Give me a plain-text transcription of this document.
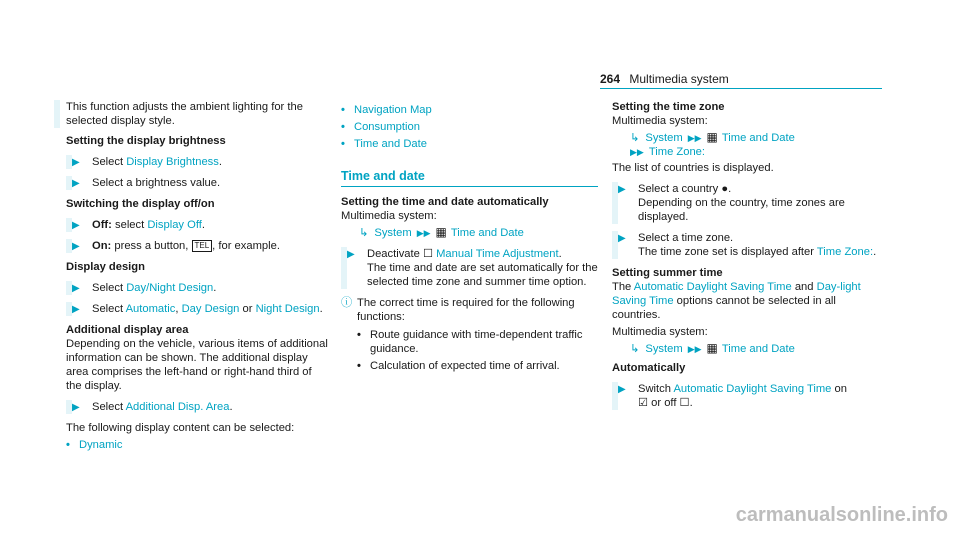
264 Multimedia system

This function adjusts the ambient lighting for the selected display style.

Setting the display brightness

▶ Select Display Brightness.
▶ Select a brightness value.

Switching the display off/on

▶ Off: select Display Off.
▶ On: press a button, TEL , for example.

Display design

▶ Select Day/Night Design.
▶ Select Automatic, Day Design or Night Design.

Additional display area

Depending on the vehicle, various items of additional information can be shown. The additional display area comprises the left-hand or right-hand third of the display.

▶ Select Additional Disp. Area.

The following display content can be selected:

• Dynamic
• Navigation Map
• Consumption
• Time and Date
Time and date

Setting the time and date automatically

Multimedia system:

↳ System ▶▶ ▦ Time and Date
▶ Deactivate ☐ Manual Time Adjustment.
The time and date are set automatically for the selected time zone and summer time option.
ⓘ The correct time is required for the following functions:
• Route guidance with time-dependent traffic guidance.
• Calculation of expected time of arrival.

Setting the time zone

Multimedia system:

↳ System ▶▶ ▦ Time and Date
▶▶ Time Zone:

The list of countries is displayed.

▶ Select a country ●.
Depending on the country, time zones are displayed.
▶ Select a time zone.
The time zone set is displayed after Time Zone:.

Setting summer time

The Automatic Daylight Saving Time and Day-light Saving Time options cannot be selected in all countries.

Multimedia system:

↳ System ▶▶ ▦ Time and Date

Automatically

▶ Switch Automatic Daylight Saving Time on
☑ or off ☐.
carmanualsonline.info
